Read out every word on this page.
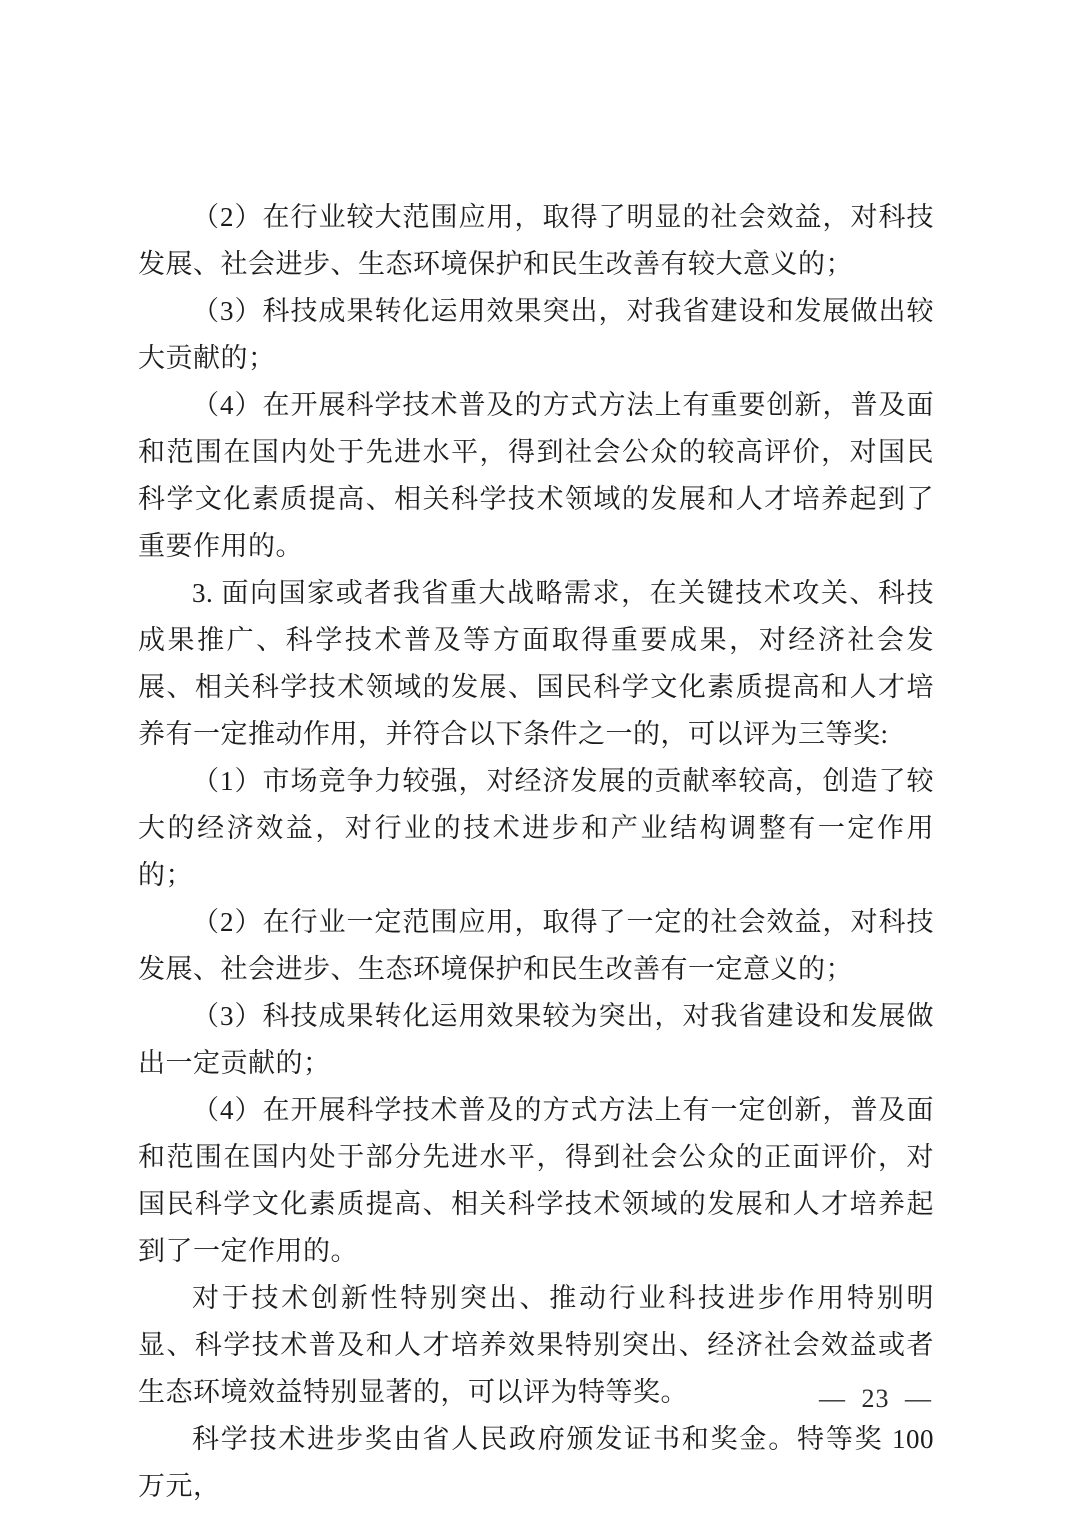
（2）在行业较大范围应用，取得了明显的社会效益，对科技发展、社会进步、生态环境保护和民生改善有较大意义的；

（3）科技成果转化运用效果突出，对我省建设和发展做出较大贡献的；

（4）在开展科学技术普及的方式方法上有重要创新，普及面和范围在国内处于先进水平，得到社会公众的较高评价，对国民科学文化素质提高、相关科学技术领域的发展和人才培养起到了重要作用的。

3. 面向国家或者我省重大战略需求，在关键技术攻关、科技成果推广、科学技术普及等方面取得重要成果，对经济社会发展、相关科学技术领域的发展、国民科学文化素质提高和人才培养有一定推动作用，并符合以下条件之一的，可以评为三等奖:

（1）市场竞争力较强，对经济发展的贡献率较高，创造了较大的经济效益，对行业的技术进步和产业结构调整有一定作用的；

（2）在行业一定范围应用，取得了一定的社会效益，对科技发展、社会进步、生态环境保护和民生改善有一定意义的；

（3）科技成果转化运用效果较为突出，对我省建设和发展做出一定贡献的；

（4）在开展科学技术普及的方式方法上有一定创新，普及面和范围在国内处于部分先进水平，得到社会公众的正面评价，对国民科学文化素质提高、相关科学技术领域的发展和人才培养起到了一定作用的。

对于技术创新性特别突出、推动行业科技进步作用特别明显、科学技术普及和人才培养效果特别突出、经济社会效益或者生态环境效益特别显著的，可以评为特等奖。

科学技术进步奖由省人民政府颁发证书和奖金。特等奖 100 万元，

— 23 —
